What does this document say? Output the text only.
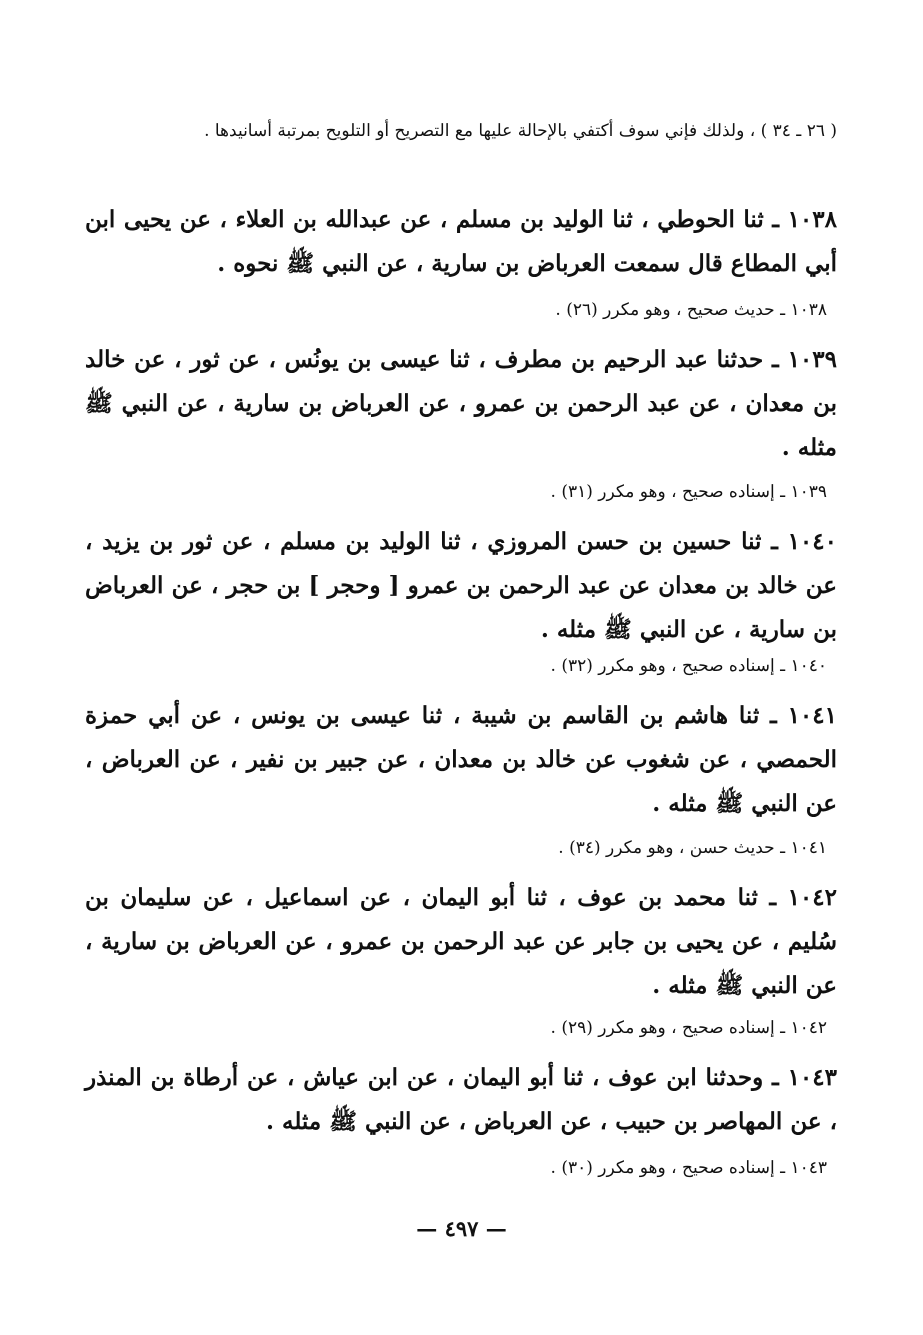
( ٢٦ ـ ٣٤ ) ، ولذلك فإني سوف أكتفي بالإحالة عليها مع التصريح أو التلويح بمرتبة أسانيدها .

١٠٣٨ ـ ثنا الحوطي ، ثنا الوليد بن مسلم ، عن عبدالله بن العلاء ، عن يحيى ابن أبي المطاع قال سمعت العرباض بن سارية ، عن النبي ﷺ نحوه .

١٠٣٨ ـ حديث صحيح ، وهو مكرر (٢٦) .

١٠٣٩ ـ حدثنا عبد الرحيم بن مطرف ، ثنا عيسى بن يونُس ، عن ثور ، عن خالد بن معدان ، عن عبد الرحمن بن عمرو ، عن العرباض بن سارية ، عن النبي ﷺ مثله .

١٠٣٩ ـ إسناده صحيح ، وهو مكرر (٣١) .

١٠٤٠ ـ ثنا حسين بن حسن المروزي ، ثنا الوليد بن مسلم ، عن ثور بن يزيد ، عن خالد بن معدان عن عبد الرحمن بن عمرو [ وحجر ] بن حجر ، عن العرباض بن سارية ، عن النبي ﷺ مثله .

١٠٤٠ ـ إسناده صحيح ، وهو مكرر (٣٢) .

١٠٤١ ـ ثنا هاشم بن القاسم بن شيبة ، ثنا عيسى بن يونس ، عن أبي حمزة الحمصي ، عن شغوب عن خالد بن معدان ، عن جبير بن نفير ، عن العرباض ، عن النبي ﷺ مثله .

١٠٤١ ـ حديث حسن ، وهو مكرر (٣٤) .

١٠٤٢ ـ ثنا محمد بن عوف ، ثنا أبو اليمان ، عن اسماعيل ، عن سليمان بن سُليم ، عن يحيى بن جابر عن عبد الرحمن بن عمرو ، عن العرباض بن سارية ، عن النبي ﷺ مثله .

١٠٤٢ ـ إسناده صحيح ، وهو مكرر (٢٩) .

١٠٤٣ ـ وحدثنا ابن عوف ، ثنا أبو اليمان ، عن ابن عياش ، عن أرطاة بن المنذر ، عن المهاصر بن حبيب ، عن العرباض ، عن النبي ﷺ مثله .

١٠٤٣ ـ إسناده صحيح ، وهو مكرر (٣٠) .

— ٤٩٧ —
